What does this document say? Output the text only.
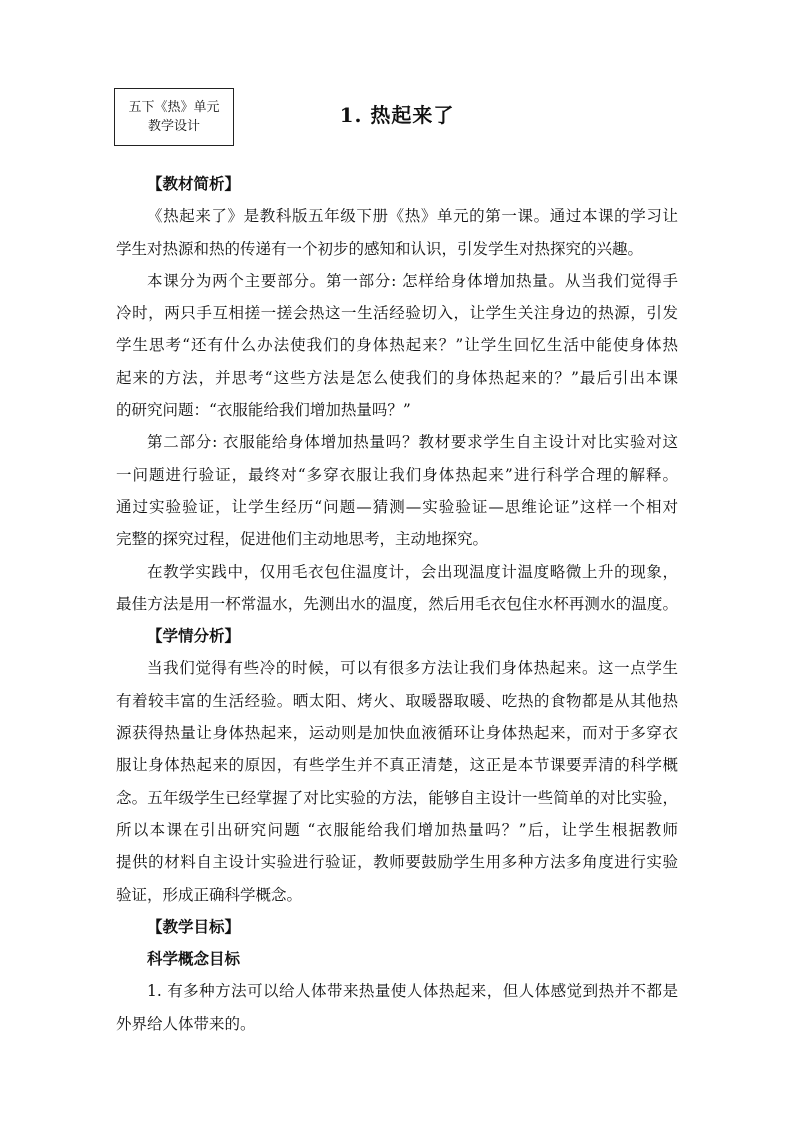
五下《热》单元
教学设计	1. 热起来了
【教材简析】
《热起来了》是教科版五年级下册《热》单元的第一课。通过本课的学习让
学生对热源和热的传递有一个初步的感知和认识，引发学生对热探究的兴趣。
本课分为两个主要部分。第一部分: 怎样给身体增加热量。从当我们觉得手
冷时，两只手互相搓一搓会热这一生活经验切入，让学生关注身边的热源，引发
学生思考“还有什么办法使我们的身体热起来？”让学生回忆生活中能使身体热
起来的方法，并思考“这些方法是怎么使我们的身体热起来的？”最后引出本课
的研究问题：“衣服能给我们增加热量吗？”
第二部分: 衣服能给身体增加热量吗？教材要求学生自主设计对比实验对这
一问题进行验证，最终对“多穿衣服让我们身体热起来”进行科学合理的解释。
通过实验验证，让学生经历“问题—猜测—实验验证—思维论证”这样一个相对
完整的探究过程，促进他们主动地思考，主动地探究。
在教学实践中，仅用毛衣包住温度计，会出现温度计温度略微上升的现象，
最佳方法是用一杯常温水，先测出水的温度，然后用毛衣包住水杯再测水的温度。
【学情分析】
当我们觉得有些冷的时候，可以有很多方法让我们身体热起来。这一点学生
有着较丰富的生活经验。晒太阳、烤火、取暖器取暖、吃热的食物都是从其他热
源获得热量让身体热起来，运动则是加快血液循环让身体热起来，而对于多穿衣
服让身体热起来的原因，有些学生并不真正清楚，这正是本节课要弄清的科学概
念。五年级学生已经掌握了对比实验的方法，能够自主设计一些简单的对比实验，
所以本课在引出研究问题 “衣服能给我们增加热量吗？”后，让学生根据教师
提供的材料自主设计实验进行验证，教师要鼓励学生用多种方法多角度进行实验
验证，形成正确科学概念。
【教学目标】
科学概念目标
1. 有多种方法可以给人体带来热量使人体热起来，但人体感觉到热并不都是
外界给人体带来的。
